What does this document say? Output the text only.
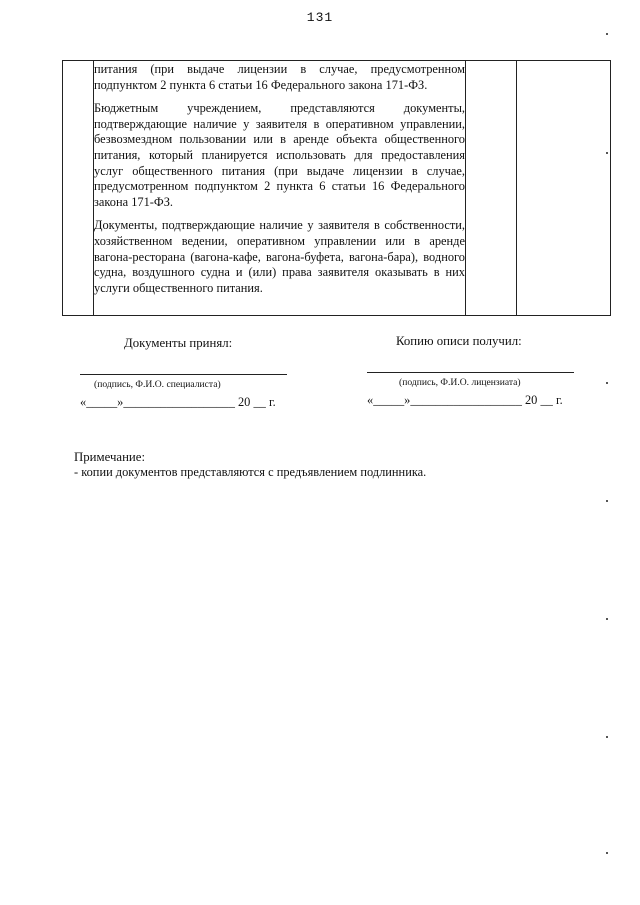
131

питания (при выдаче лицензии в случае, предусмотренном подпунктом 2 пункта 6 статьи 16 Федерального закона 171-ФЗ.

Бюджетным учреждением, представляются документы, подтверждающие наличие у заявителя в оперативном управлении, безвозмездном пользовании или в аренде объекта общественного питания, который планируется использовать для предоставления услуг общественного питания (при выдаче лицензии в случае, предусмотренном подпунктом 2 пункта 6 статьи 16 Федерального закона 171-ФЗ.

Документы, подтверждающие наличие у заявителя в собственности, хозяйственном ведении, оперативном управлении или в аренде вагона-ресторана (вагона-кафе, вагона-буфета, вагона-бара), водного судна, воздушного судна и (или) права заявителя оказывать в них услуги общественного питания.

Документы принял:
(подпись, Ф.И.О. специалиста)
«_____»__________________ 20 __ г.
Копию описи получил:
(подпись, Ф.И.О. лицензиата)
«_____»__________________ 20 __ г.
Примечание:
- копии документов представляются с предъявлением подлинника.
